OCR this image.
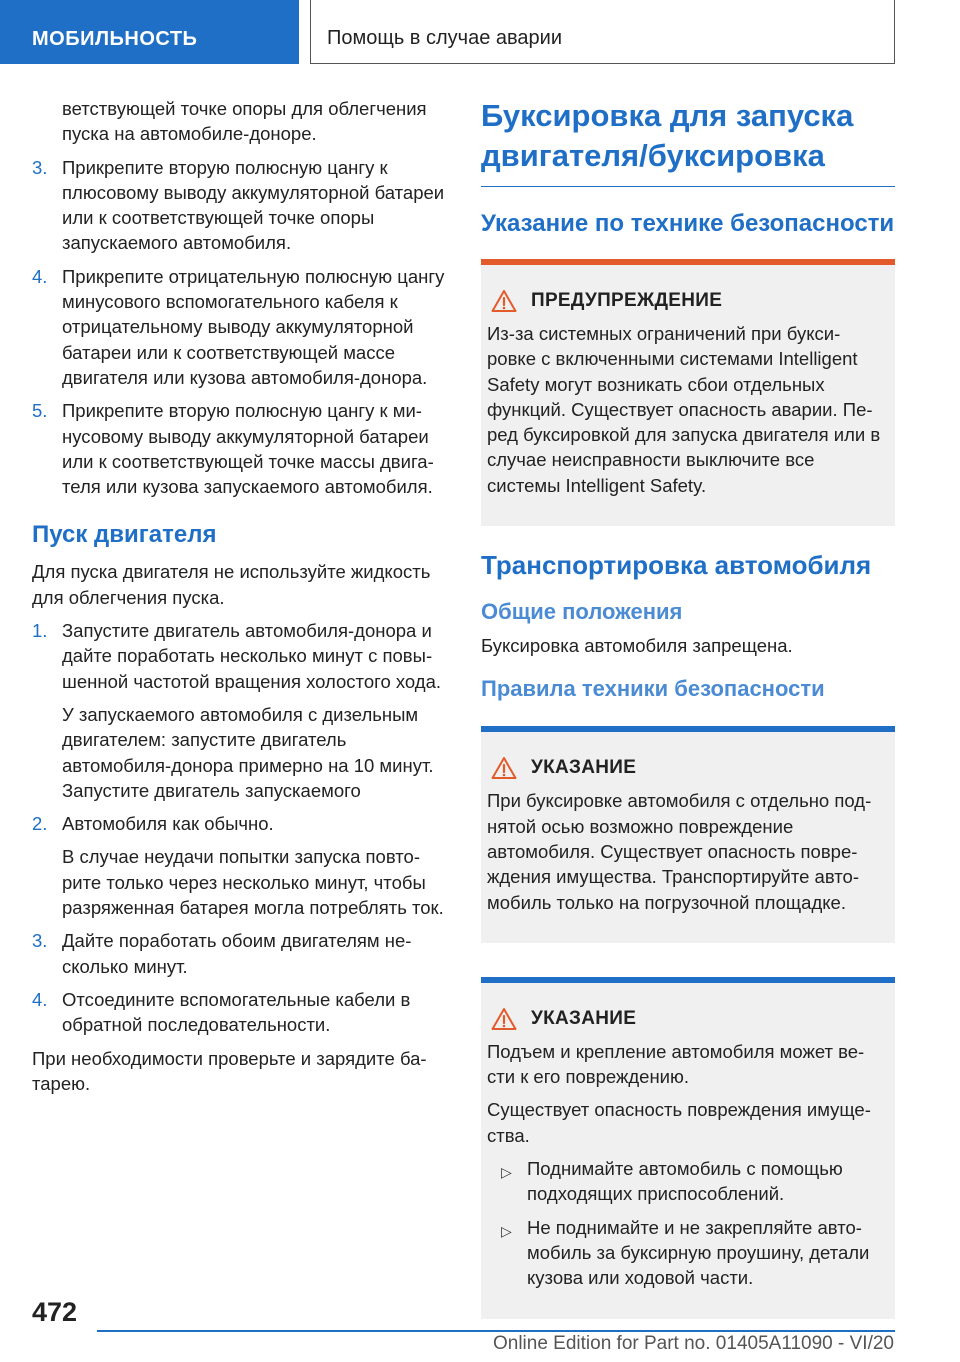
МОБИЛЬНОСТЬ	Помощь в случае аварии

ветствующей точке опоры для облегчения пуска на автомобиле-доноре.

3. Прикрепите вторую полюсную цангу к плюсовому выводу аккумуляторной батареи или к соответствующей точке опоры запускаемого автомобиля.
4. Прикрепите отрицательную полюсную цангу минусового вспомогательного кабеля к отрицательному выводу аккумуляторной батареи или к соответствующей массе двигателя или кузова автомобиля-донора.
5. Прикрепите вторую полюсную цангу к минусовому выводу аккумуляторной батареи или к соответствующей точке массы двигателя или кузова запускаемого автомобиля.
Пуск двигателя

Для пуска двигателя не используйте жидкость для облегчения пуска.

1. Запустите двигатель автомобиля-донора и дайте поработать несколько минут с повышенной частотой вращения холостого хода.

У запускаемого автомобиля с дизельным двигателем: запустите двигатель автомобиля-донора примерно на 10 минут. Запустите двигатель запускаемого

2. Автомобиля как обычно.

В случае неудачи попытки запуска повторите только через несколько минут, чтобы разряженная батарея могла потреблять ток.

3. Дайте поработать обоим двигателям несколько минут.
4. Отсоедините вспомогательные кабели в обратной последовательности.

При необходимости проверьте и зарядите батарею.

Буксировка для запуска двигателя/буксировка
Указание по технике безопасности
ПРЕДУПРЕЖДЕНИЕ

Из-за системных ограничений при буксировке с включенными системами Intelligent Safety могут возникать сбои отдельных функций. Существует опасность аварии. Перед буксировкой для запуска двигателя или в случае неисправности выключите все системы Intelligent Safety.

Транспортировка автомобиля
Общие положения

Буксировка автомобиля запрещена.

Правила техники безопасности
УКАЗАНИЕ

При буксировке автомобиля с отдельно поднятой осью возможно повреждение автомобиля. Существует опасность повреждения имущества. Транспортируйте автомобиль только на погрузочной площадке.

УКАЗАНИЕ

Подъем и крепление автомобиля может вести к его повреждению.

Существует опасность повреждения имущества.

▷ Поднимайте автомобиль с помощью подходящих приспособлений.
▷ Не поднимайте и не закрепляйте автомобиль за буксирную проушину, детали кузова или ходовой части.
472
Online Edition for Part no. 01405A11090 - VI/20
